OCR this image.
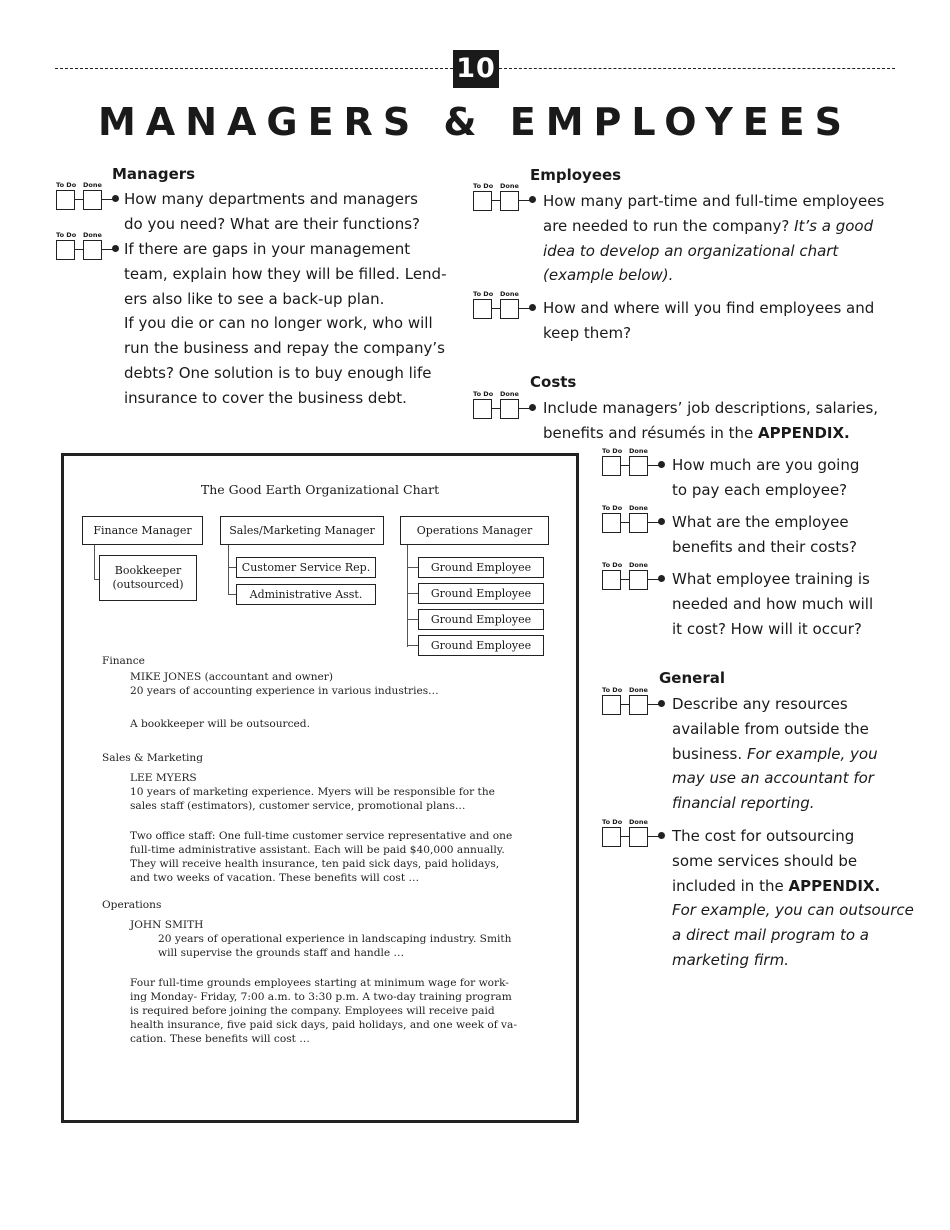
10
MANAGERS & EMPLOYEES
Managers
To Do Done
How many departments and managers
do you need? What are their functions?
To Do Done
If there are gaps in your management
team, explain how they will be filled. Lend-
ers also like to see a back-up plan.
If you die or can no longer work, who will
run the business and repay the company’s
debts? One solution is to buy enough life
insurance to cover the business debt.
Employees
To Do Done
How many part-time and full-time employees
are needed to run the company? It’s a good
idea to develop an organizational chart
(example below).
To Do Done
How and where will you find employees and
keep them?
Costs
To Do Done
Include managers’ job descriptions, salaries,
benefits and résumés in the APPENDIX.
To Do Done
How much are you going
to pay each employee?
To Do Done
What are the employee
benefits and their costs?
To Do Done
What employee training is
needed and how much will
it cost? How will it occur?
General
To Do Done
Describe any resources
available from outside the
business. For example, you
may use an accountant for
financial reporting.
To Do Done
The cost for outsourcing
some services should be
included in the APPENDIX.
For example, you can outsource
a direct mail program to a
marketing firm.
The Good Earth Organizational Chart
Finance Manager
Bookkeeper
(outsourced)
Sales/Marketing Manager
Customer Service Rep.
Administrative Asst.
Operations Manager
Ground Employee
Ground Employee
Ground Employee
Ground Employee
Finance
MIKE JONES (accountant and owner)
20 years of accounting experience in various industries…
A bookkeeper will be outsourced.
Sales & Marketing
LEE MYERS
10 years of marketing experience. Myers will be responsible for the
sales staff (estimators), customer service, promotional plans…
Two office staff: One full-time customer service representative and one
full-time administrative assistant. Each will be paid $40,000 annually.
They will receive health insurance, ten paid sick days, paid holidays,
and two weeks of vacation. These benefits will cost …
Operations
JOHN SMITH
20 years of operational experience in landscaping industry. Smith
will supervise the grounds staff and handle …
Four full-time grounds employees starting at minimum wage for work-
ing Monday- Friday, 7:00 a.m. to 3:30 p.m. A two-day training program
is required before joining the company. Employees will receive paid
health insurance, five paid sick days, paid holidays, and one week of va-
cation. These benefits will cost …
